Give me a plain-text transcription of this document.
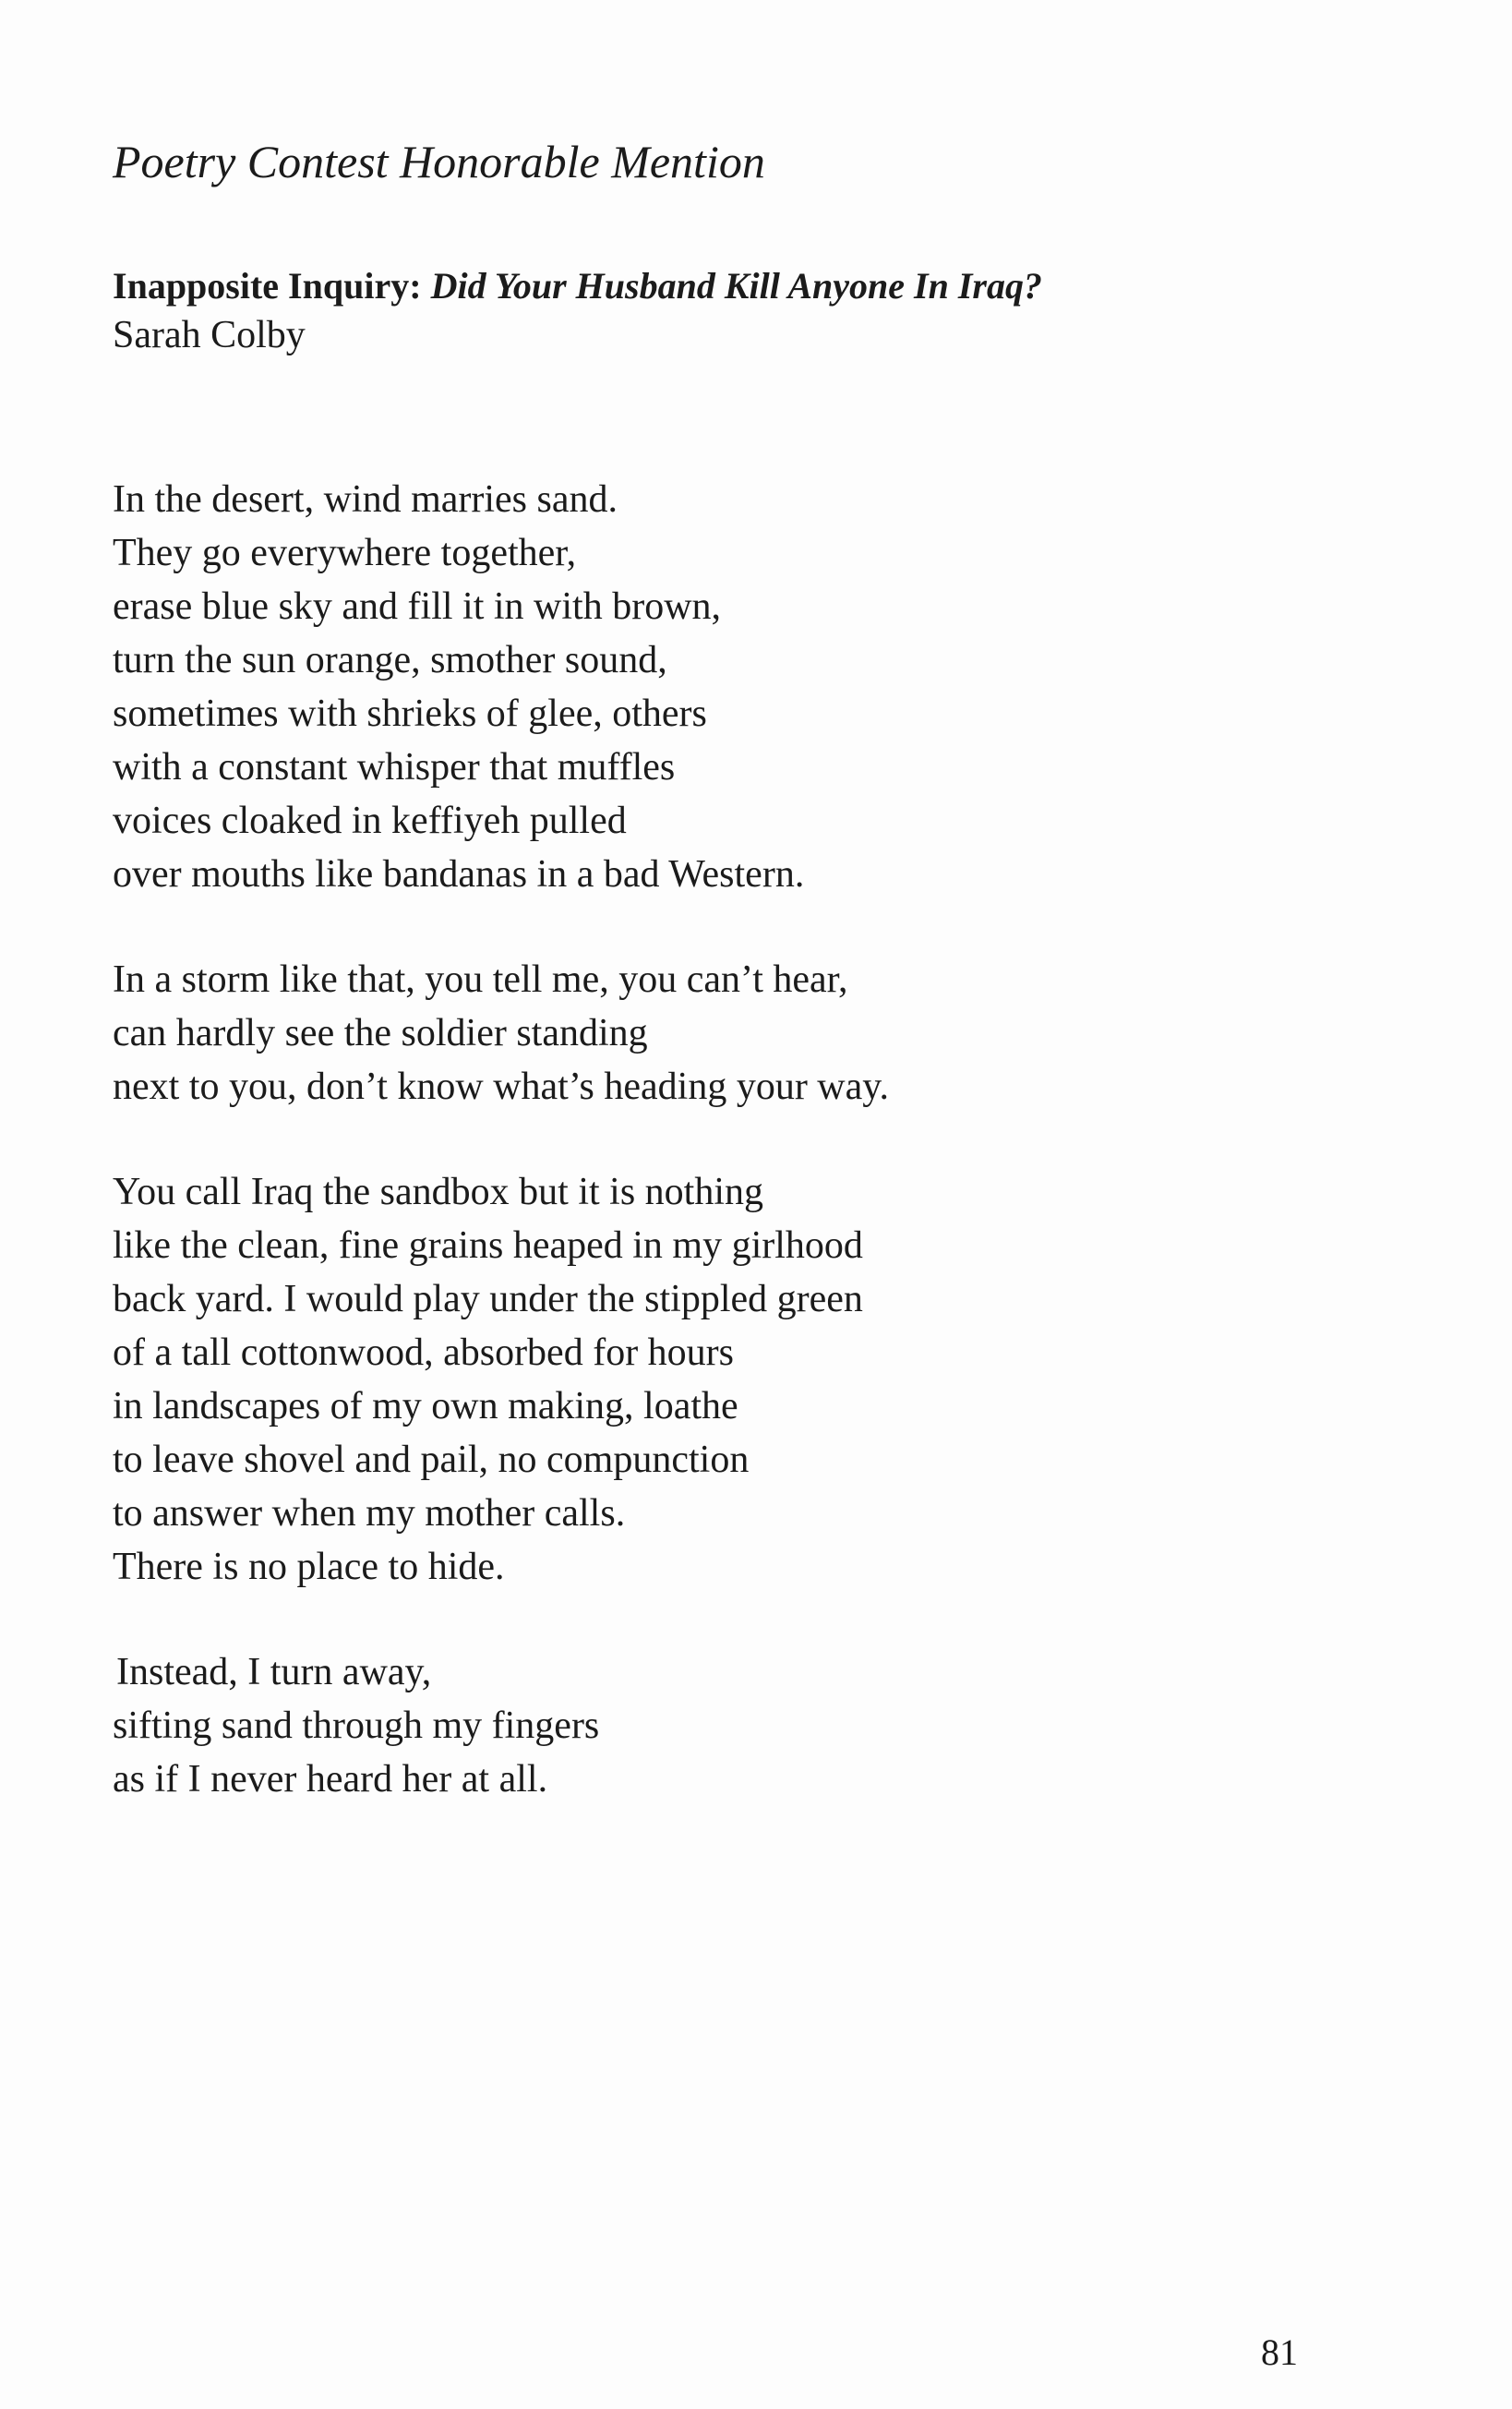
Poetry Contest Honorable Mention
Inapposite Inquiry: Did Your Husband Kill Anyone In Iraq?

Sarah Colby

In the desert, wind marries sand.
They go everywhere together,
erase blue sky and fill it in with brown,
turn the sun orange, smother sound,
sometimes with shrieks of glee, others
with a constant whisper that muffles
voices cloaked in keffiyeh pulled
over mouths like bandanas in a bad Western.
In a storm like that, you tell me, you can’t hear,
can hardly see the soldier standing
next to you, don’t know what’s heading your way.
You call Iraq the sandbox but it is nothing
like the clean, fine grains heaped in my girlhood
back yard. I would play under the stippled green
of a tall cottonwood, absorbed for hours
in landscapes of my own making, loathe
to leave shovel and pail, no compunction
to answer when my mother calls.
There is no place to hide.
Instead, I turn away,
sifting sand through my fingers
as if I never heard her at all.

81
